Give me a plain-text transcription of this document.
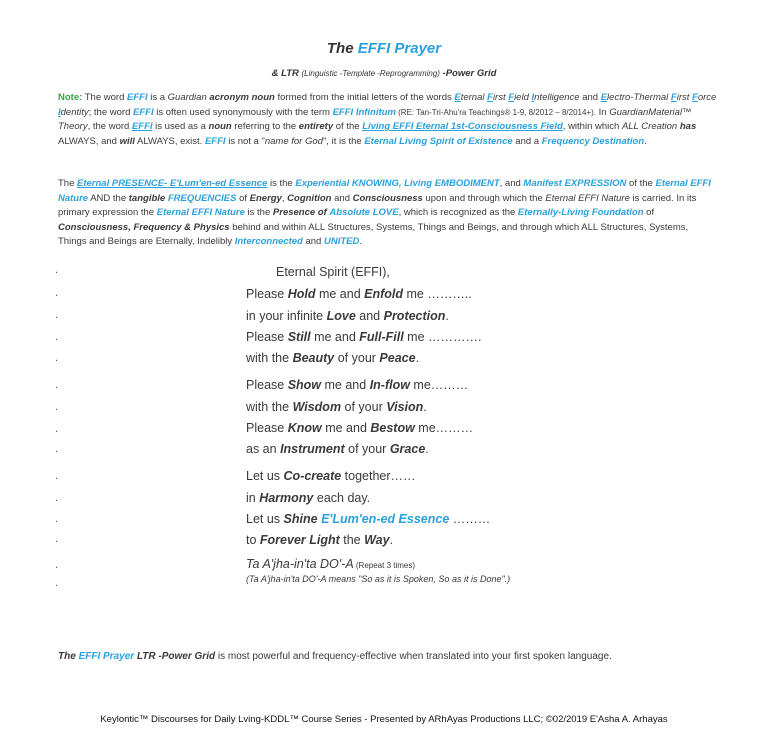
The EFFI Prayer
& LTR (Linguistic -Template -Reprogramming) -Power Grid
Note: The word EFFI is a Guardian acronym noun formed from the initial letters of the words Eternal First Field Intelligence and Electro-Thermal First Force Identity; the word EFFI is often used synonymously with the term EFFI Infinitum (RE: Tan-Tri-Ahu'ra Teachings® 1-9, 8/2012 – 8/2014+). In GuardianMaterial™ Theory, the word EFFI is used as a noun referring to the entirety of the Living EFFI Eternal 1st-Consciousness Field, within which ALL Creation has ALWAYS, and will ALWAYS, exist. EFFI is not a "name for God", it is the Eternal Living Spirit of Existence and a Frequency Destination.
The Eternal PRESENCE- E'Lum'en-ed Essence is the Experiential KNOWING, Living EMBODIMENT, and Manifest EXPRESSION of the Eternal EFFI Nature AND the tangible FREQUENCIES of Energy, Cognition and Consciousness upon and through which the Eternal EFFI Nature is carried. In its primary expression the Eternal EFFI Nature is the Presence of Absolute LOVE, which is recognized as the Eternally-Living Foundation of Consciousness, Frequency & Physics behind and within ALL Structures, Systems, Things and Beings, and through which ALL Structures, Systems, Things and Beings are Eternally, Indelibly Interconnected and UNITED.
.
.
.
.
.
.
.
.
.
.
.
.
.
.
.
Eternal Spirit (EFFI),
Please Hold me and Enfold me ………..
in your infinite Love and Protection.
Please Still me and Full-Fill me ………….
with the Beauty of your Peace.
Please Show me and In-flow me………
with the Wisdom of your Vision.
Please Know me and Bestow me………
as an Instrument of your Grace.
Let us Co-create together……
in Harmony each day.
Let us Shine E'Lum'en-ed Essence ………
to Forever Light the Way.
Ta A'jha-in'ta DO'-A (Repeat 3 times)
(Ta A'jha-in'ta DO'-A means "So as it is Spoken, So as it is Done".)
The EFFI Prayer LTR -Power Grid is most powerful and frequency-effective when translated into your first spoken language.
Keylontic™ Discourses for Daily Lving-KDDL™ Course Series - Presented by ARhAyas Productions LLC; ©02/2019 E'Asha A. Arhayas
